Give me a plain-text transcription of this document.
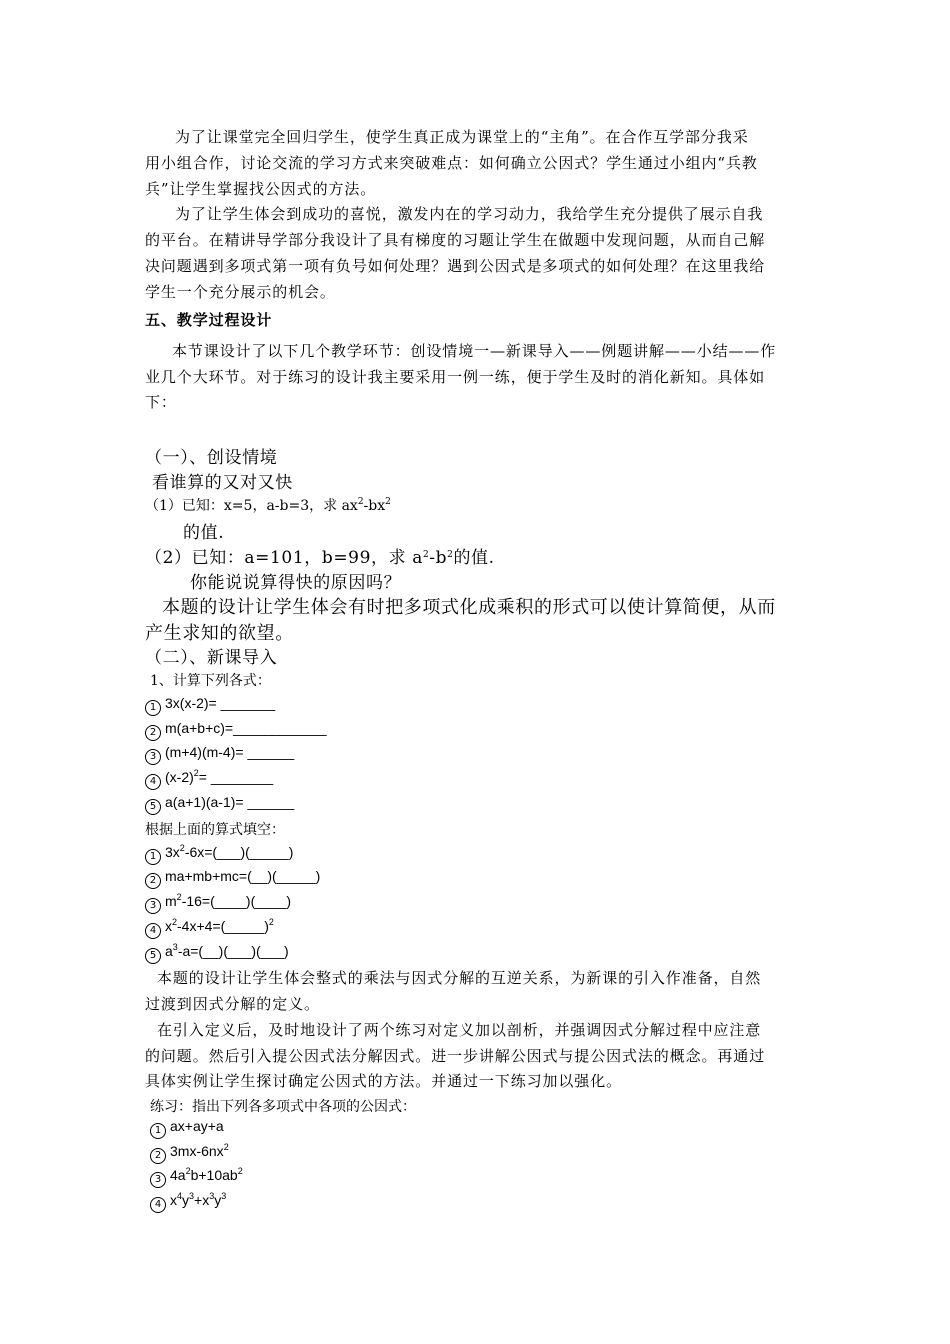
为了让课堂完全回归学生，使学生真正成为课堂上的“主角”。在合作互学部分我采
用小组合作，讨论交流的学习方式来突破难点：如何确立公因式？学生通过小组内“兵教
兵”让学生掌握找公因式的方法。
为了让学生体会到成功的喜悦，激发内在的学习动力，我给学生充分提供了展示自我
的平台。在精讲导学部分我设计了具有梯度的习题让学生在做题中发现问题，从而自己解
决问题遇到多项式第一项有负号如何处理？遇到公因式是多项式的如何处理？在这里我给
学生一个充分展示的机会。
五、教学过程设计
本节课设计了以下几个教学环节：创设情境一—新课导入——例题讲解——小结——作
业几个大环节。对于练习的设计我主要采用一例一练，便于学生及时的消化新知。具体如
下：
（一）、创设情境
看谁算的又对又快
（1）已知：x=5，a-b=3，求 $ax^2-bx^2$
的值.
（2）已知：a=101，b=99，求 $a^2-b^2$的值.
你能说说算得快的原因吗？
本题的设计让学生体会有时把多项式化成乘积的形式可以使计算简便，从而
产生求知的欲望。
（二）、新课导入
1、计算下列各式：
1 3x(x-2)= _______
2 m(a+b+c)=____________
3 (m+4)(m-4)= ______
4 $(x-2)^2=$ ________
5 a(a+1)(a-1)= ______
根据上面的算式填空：
1 $3x^2-6x=(\_\_\_)(\_\_\_\_\_)$
2 ma+mb+mc=(__)(_____)
3 $m^2-16=(\_\_\_\_)(\_\_\_\_)$
4 $x^2-4x+4=(\_\_\_\_\_)^2$
5 $a^3-a=(\_\_)(\_\_\_)(\_\_\_)$
本题的设计让学生体会整式的乘法与因式分解的互逆关系，为新课的引入作准备，自然
过渡到因式分解的定义。
在引入定义后，及时地设计了两个练习对定义加以剖析，并强调因式分解过程中应注意
的问题。然后引入提公因式法分解因式。进一步讲解公因式与提公因式法的概念。再通过
具体实例让学生探讨确定公因式的方法。并通过一下练习加以强化。
练习：指出下列各多项式中各项的公因式：
1 ax+ay+a
2 $3mx-6nx^2$
3 $4a^2b+10ab^2$
4 $x^4y^3+x^3y^3$
